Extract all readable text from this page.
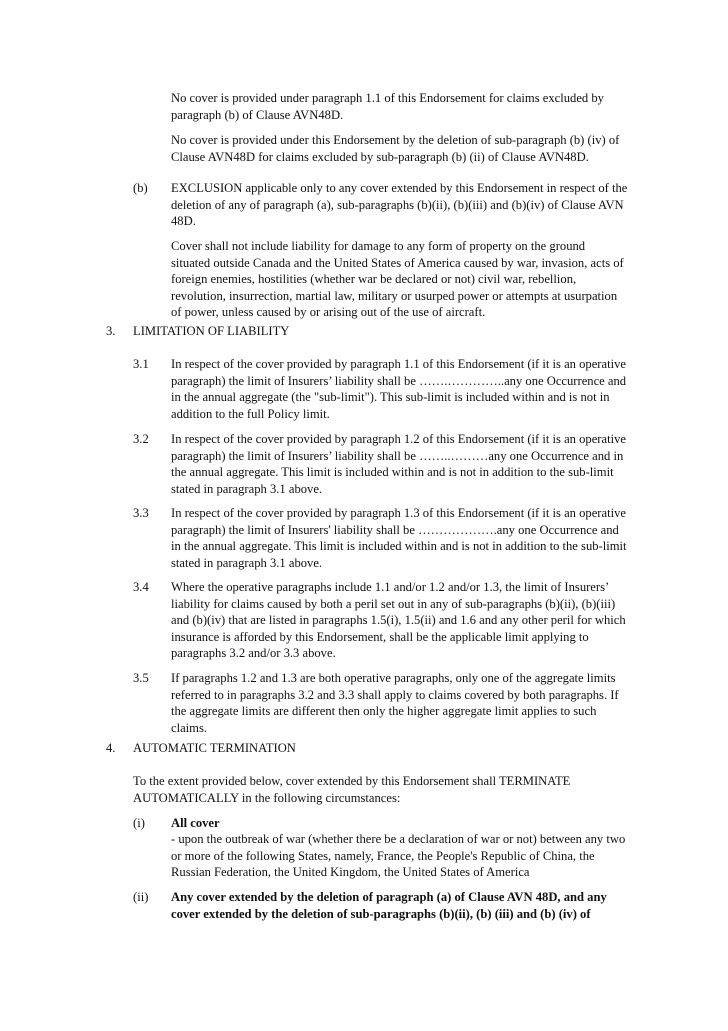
No cover is provided under paragraph 1.1 of this Endorsement for claims excluded by paragraph (b) of Clause AVN48D.

No cover is provided under this Endorsement by the deletion of sub-paragraph (b) (iv) of Clause AVN48D for claims excluded by sub-paragraph (b) (ii) of Clause AVN48D.

(b) EXCLUSION applicable only to any cover extended by this Endorsement in respect of the deletion of any of paragraph (a), sub-paragraphs (b)(ii), (b)(iii) and (b)(iv) of Clause AVN 48D.

Cover shall not include liability for damage to any form of property on the ground situated outside Canada and the United States of America caused by war, invasion, acts of foreign enemies, hostilities (whether war be declared or not) civil war, rebellion, revolution, insurrection, martial law, military or usurped power or attempts at usurpation of power, unless caused by or arising out of the use of aircraft.

3. LIMITATION OF LIABILITY
3.1 In respect of the cover provided by paragraph 1.1 of this Endorsement (if it is an operative paragraph) the limit of Insurers’ liability shall be …….…………..any one Occurrence and in the annual aggregate (the "sub-limit"). This sub-limit is included within and is not in addition to the full Policy limit.

3.2 In respect of the cover provided by paragraph 1.2 of this Endorsement (if it is an operative paragraph) the limit of Insurers’ liability shall be ……..………any one Occurrence and in the annual aggregate. This limit is included within and is not in addition to the sub-limit stated in paragraph 3.1 above.

3.3 In respect of the cover provided by paragraph 1.3 of this Endorsement (if it is an operative paragraph) the limit of Insurers' liability shall be ……………….any one Occurrence and in the annual aggregate. This limit is included within and is not in addition to the sub-limit stated in paragraph 3.1 above.

3.4 Where the operative paragraphs include 1.1 and/or 1.2 and/or 1.3, the limit of Insurers’ liability for claims caused by both a peril set out in any of sub-paragraphs (b)(ii), (b)(iii) and (b)(iv) that are listed in paragraphs 1.5(i), 1.5(ii) and 1.6 and any other peril for which insurance is afforded by this Endorsement, shall be the applicable limit applying to paragraphs 3.2 and/or 3.3 above.

3.5 If paragraphs 1.2 and 1.3 are both operative paragraphs, only one of the aggregate limits referred to in paragraphs 3.2 and 3.3 shall apply to claims covered by both paragraphs. If the aggregate limits are different then only the higher aggregate limit applies to such claims.

4. AUTOMATIC TERMINATION

To the extent provided below, cover extended by this Endorsement shall TERMINATE AUTOMATICALLY in the following circumstances:

(i) All cover

- upon the outbreak of war (whether there be a declaration of war or not) between any two or more of the following States, namely, France, the People's Republic of China, the Russian Federation, the United Kingdom, the United States of America

(ii) Any cover extended by the deletion of paragraph (a) of Clause AVN 48D, and any cover extended by the deletion of sub-paragraphs (b)(ii), (b) (iii) and (b) (iv) of
